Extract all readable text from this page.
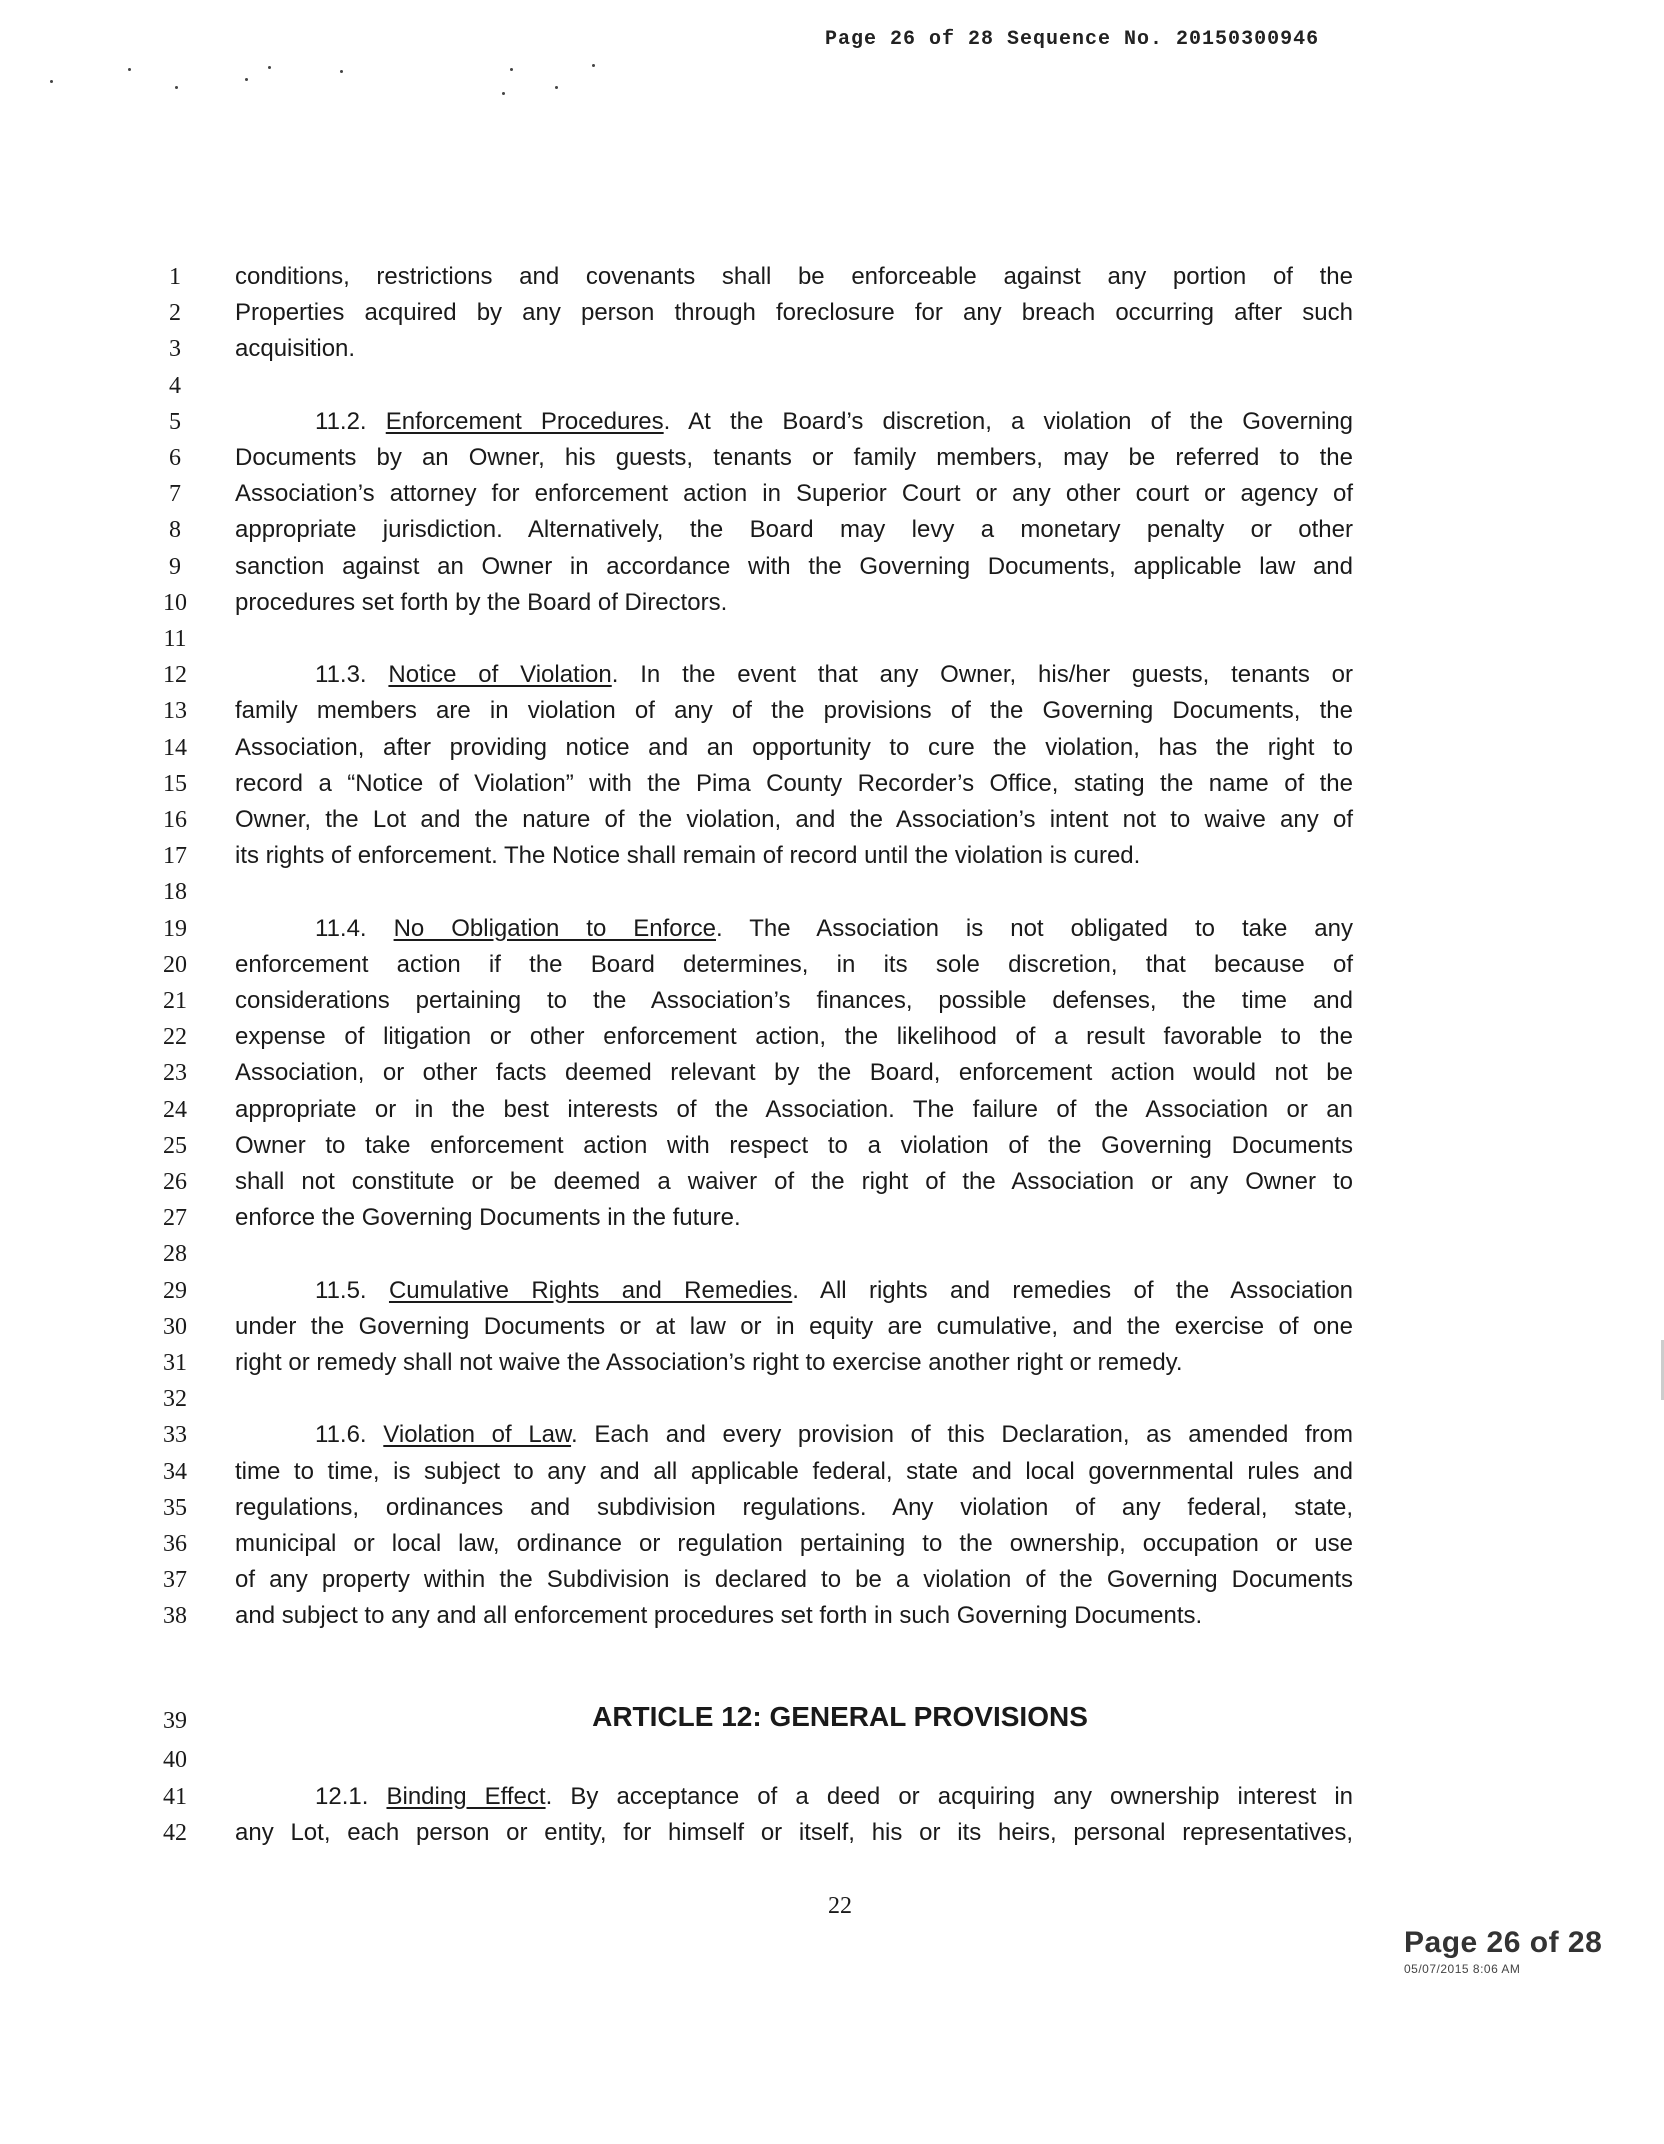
Page 26 of 28 Sequence No. 20150300946
1	conditions, restrictions and covenants shall be enforceable against any portion of the
2	Properties acquired by any person through foreclosure for any breach occurring after such
3	acquisition.
4
5	11.2. Enforcement Procedures. At the Board’s discretion, a violation of the Governing
6	Documents by an Owner, his guests, tenants or family members, may be referred to the
7	Association’s attorney for enforcement action in Superior Court or any other court or agency of
8	appropriate jurisdiction. Alternatively, the Board may levy a monetary penalty or other
9	sanction against an Owner in accordance with the Governing Documents, applicable law and
10	procedures set forth by the Board of Directors.
11
12	11.3. Notice of Violation. In the event that any Owner, his/her guests, tenants or
13	family members are in violation of any of the provisions of the Governing Documents, the
14	Association, after providing notice and an opportunity to cure the violation, has the right to
15	record a “Notice of Violation” with the Pima County Recorder’s Office, stating the name of the
16	Owner, the Lot and the nature of the violation, and the Association’s intent not to waive any of
17	its rights of enforcement. The Notice shall remain of record until the violation is cured.
18
19	11.4. No Obligation to Enforce. The Association is not obligated to take any
20	enforcement action if the Board determines, in its sole discretion, that because of
21	considerations pertaining to the Association’s finances, possible defenses, the time and
22	expense of litigation or other enforcement action, the likelihood of a result favorable to the
23	Association, or other facts deemed relevant by the Board, enforcement action would not be
24	appropriate or in the best interests of the Association. The failure of the Association or an
25	Owner to take enforcement action with respect to a violation of the Governing Documents
26	shall not constitute or be deemed a waiver of the right of the Association or any Owner to
27	enforce the Governing Documents in the future.
28
29	11.5. Cumulative Rights and Remedies. All rights and remedies of the Association
30	under the Governing Documents or at law or in equity are cumulative, and the exercise of one
31	right or remedy shall not waive the Association’s right to exercise another right or remedy.
32
33	11.6. Violation of Law. Each and every provision of this Declaration, as amended from
34	time to time, is subject to any and all applicable federal, state and local governmental rules and
35	regulations, ordinances and subdivision regulations. Any violation of any federal, state,
36	municipal or local law, ordinance or regulation pertaining to the ownership, occupation or use
37	of any property within the Subdivision is declared to be a violation of the Governing Documents
38	and subject to any and all enforcement procedures set forth in such Governing Documents.
39
40
41	12.1. Binding Effect. By acceptance of a deed or acquiring any ownership interest in
42	any Lot, each person or entity, for himself or itself, his or its heirs, personal representatives,
ARTICLE 12: GENERAL PROVISIONS
22
Page 26 of 28
05/07/2015 8:06 AM
